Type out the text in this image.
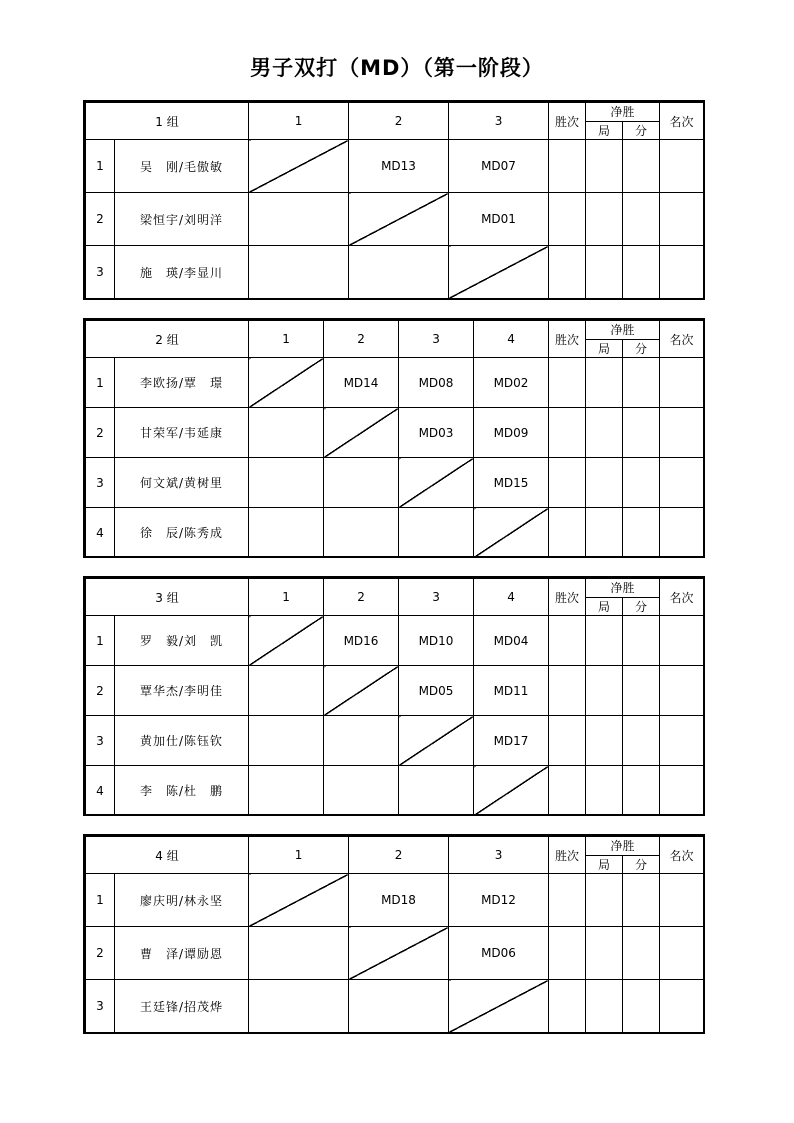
男子双打（MD）（第一阶段）
1 组		1	2	3	胜次	净胜
局 分		名次
1	吴　刚/毛傲敏		MD13	MD07				
2	梁恒宇/刘明洋			MD01				
3	施　瑛/李显川							
2 组		1	2	3	4	胜次	净胜
局 分		名次
1	李欧扬/覃　璟		MD14	MD08	MD02				
2	甘荣军/韦延康			MD03	MD09				
3	何文斌/黄树里				MD15				
4	徐　辰/陈秀成								
3 组		1	2	3	4	胜次	净胜
局 分		名次
1	罗　毅/刘　凯		MD16	MD10	MD04				
2	覃华杰/李明佳			MD05	MD11				
3	黄加仕/陈钰钦				MD17				
4	李　陈/杜　鹏								
4 组		1	2	3	胜次	净胜
局 分		名次
1	廖庆明/林永坚		MD18	MD12				
2	曹　泽/谭励恩			MD06				
3	王廷锋/招茂烨							
